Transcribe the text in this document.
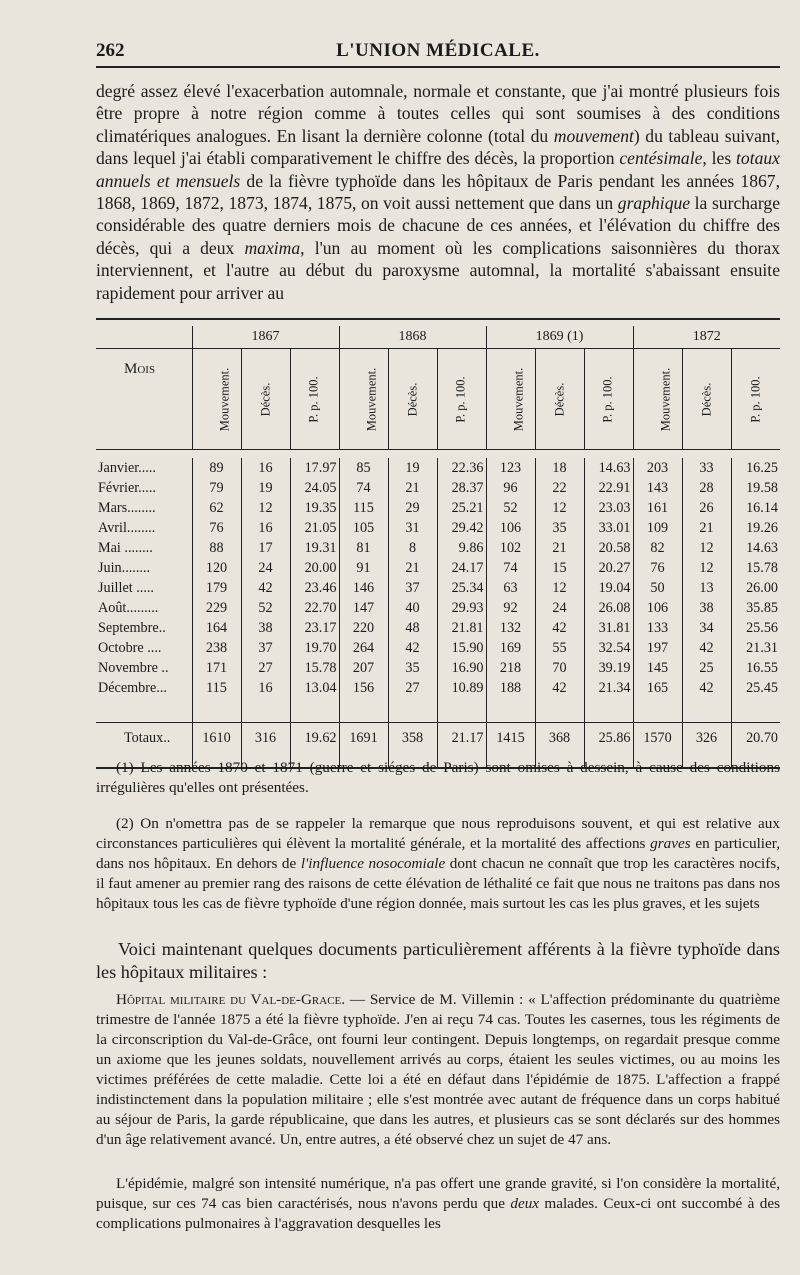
262	L'UNION MÉDICALE.

degré assez élevé l'exacerbation automnale, normale et constante, que j'ai montré plusieurs fois être propre à notre région comme à toutes celles qui sont soumises à des conditions climatériques analogues. En lisant la dernière colonne (total du mouvement) du tableau suivant, dans lequel j'ai établi comparativement le chiffre des décès, la proportion centésimale, les totaux annuels et mensuels de la fièvre typhoïde dans les hôpitaux de Paris pendant les années 1867, 1868, 1869, 1872, 1873, 1874, 1875, on voit aussi nettement que dans un graphique la surcharge considérable des quatre derniers mois de chacune de ces années, et l'élévation du chiffre des décès, qui a deux maxima, l'un au moment où les complications saisonnières du thorax interviennent, et l'autre au début du paroxysme automnal, la mortalité s'abaissant ensuite rapidement pour arriver au

	1867			1868			1869 (1)			1872		
Mois	Mouvement.	Décès.	P. p. 100.	Mouvement.	Décès.	P. p. 100.	Mouvement.	Décès.	P. p. 100.	Mouvement.	Décès.	P. p. 100.

Janvier.....	89	16	17.97	85	19	22.36	123	18	14.63	203	33	16.25
Février.....	79	19	24.05	74	21	28.37	96	22	22.91	143	28	19.58
Mars........	62	12	19.35	115	29	25.21	52	12	23.03	161	26	16.14
Avril........	76	16	21.05	105	31	29.42	106	35	33.01	109	21	19.26
Mai ........	88	17	19.31	81	8	9.86	102	21	20.58	82	12	14.63
Juin........	120	24	20.00	91	21	24.17	74	15	20.27	76	12	15.78
Juillet .....	179	42	23.46	146	37	25.34	63	12	19.04	50	13	26.00
Août.........	229	52	22.70	147	40	29.93	92	24	26.08	106	38	35.85
Septembre..	164	38	23.17	220	48	21.81	132	42	31.81	133	34	25.56
Octobre ....	238	37	19.70	264	42	15.90	169	55	32.54	197	42	21.31
Novembre ..	171	27	15.78	207	35	16.90	218	70	39.19	145	25	16.55
Décembre...	115	16	13.04	156	27	10.89	188	42	21.34	165	42	25.45

Totaux..	1610	316	19.62	1691	358	21.17	1415	368	25.86	1570	326	20.70

(1) Les années 1870 et 1871 (guerre et siéges de Paris) sont omises à dessein, à cause des conditions irrégulières qu'elles ont présentées.

(2) On n'omettra pas de se rappeler la remarque que nous reproduisons souvent, et qui est relative aux circonstances particulières qui élèvent la mortalité générale, et la mortalité des affections graves en particulier, dans nos hôpitaux. En dehors de l'influence nosocomiale dont chacun ne connaît que trop les caractères nocifs, il faut amener au premier rang des raisons de cette élévation de léthalité ce fait que nous ne traitons pas dans nos hôpitaux tous les cas de fièvre typhoïde d'une région donnée, mais surtout les cas les plus graves, et les sujets

Voici maintenant quelques documents particulièrement afférents à la fièvre typhoïde dans les hôpitaux militaires :

Hôpital militaire du Val-de-Grace. — Service de M. Villemin : « L'affection prédominante du quatrième trimestre de l'année 1875 a été la fièvre typhoïde. J'en ai reçu 74 cas. Toutes les casernes, tous les régiments de la circonscription du Val-de-Grâce, ont fourni leur contingent. Depuis longtemps, on regardait presque comme un axiome que les jeunes soldats, nouvellement arrivés au corps, étaient les seules victimes, ou au moins les victimes préférées de cette maladie. Cette loi a été en défaut dans l'épidémie de 1875. L'affection a frappé indistinctement dans la population militaire ; elle s'est montrée avec autant de fréquence dans un corps habitué au séjour de Paris, la garde républicaine, que dans les autres, et plusieurs cas se sont déclarés sur des hommes d'un âge relativement avancé. Un, entre autres, a été observé chez un sujet de 47 ans.

L'épidémie, malgré son intensité numérique, n'a pas offert une grande gravité, si l'on considère la mortalité, puisque, sur ces 74 cas bien caractérisés, nous n'avons perdu que deux malades. Ceux-ci ont succombé à des complications pulmonaires à l'aggravation desquelles les
